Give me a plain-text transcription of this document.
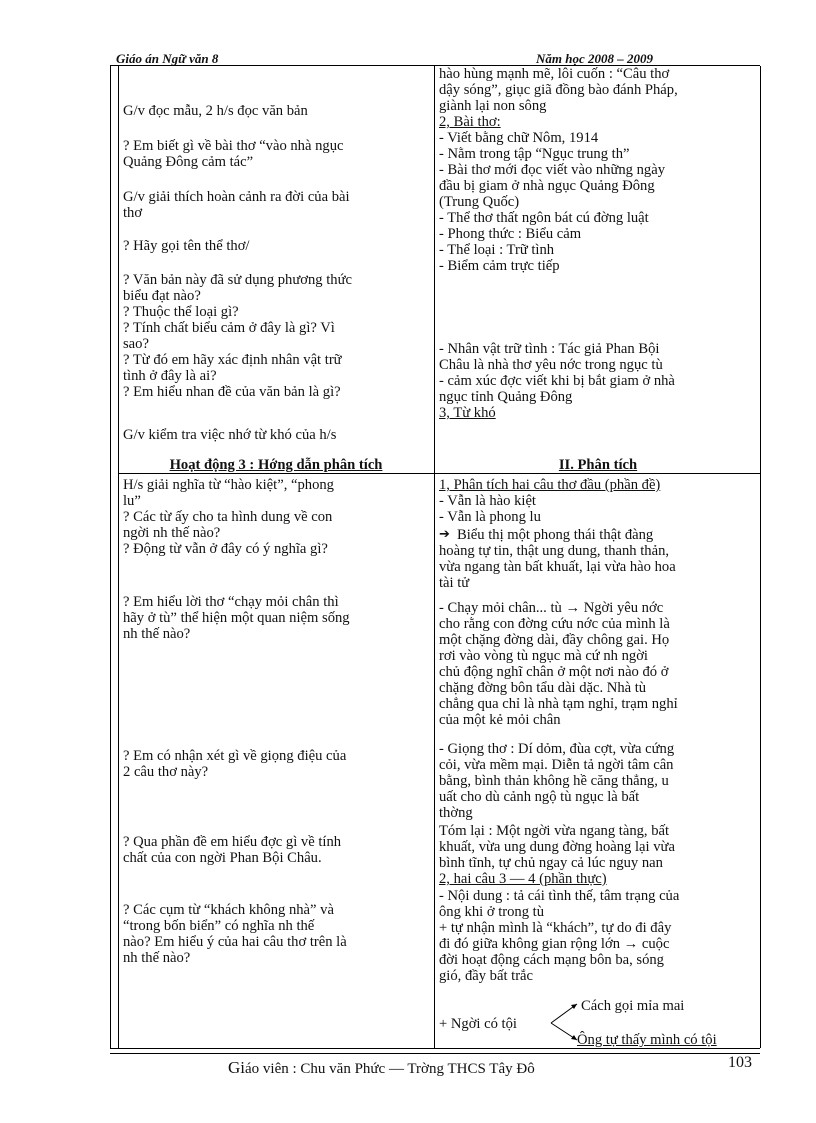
Giáo án Ngữ văn 8	Năm học 2008 – 2009

G/v đọc mẫu, 2 h/s đọc văn bản

? Em biết gì về bài thơ “vào nhà ngục
Quảng Đông cảm tác”

G/v giải thích hoàn cảnh ra đời của bài
thơ

? Hãy gọi tên thể thơ/

? Văn bản này đã sử dụng phương thức
biểu đạt nào?
? Thuộc thể loại gì?
? Tính chất biểu cảm ở đây là gì? Vì
sao?
? Từ đó em hãy xác định nhân vật trữ
tình ở đây là ai?
? Em hiểu nhan đề của văn bản là gì?

G/v kiểm tra việc nhớ từ khó của h/s

Hoạt động 3 : Hớng dẫn phân tích

H/s giải nghĩa từ “hào kiệt”, “phong
lu”
? Các từ ấy cho ta hình dung về con
ngời nh thế nào?
? Động từ vẫn ở đây có ý nghĩa gì?

? Em hiểu lời thơ “chạy mỏi chân thì
hãy ở tù” thể hiện một quan niệm sống
nh thế nào?

? Em có nhận xét gì về giọng điệu của
2 câu thơ này?

? Qua phần đề em hiểu đợc gì về tính
chất của con ngời Phan Bội Châu.

? Các cụm từ “khách không nhà” và
“trong bốn biển” có nghĩa nh thế
nào? Em hiểu ý của hai câu thơ trên là
nh thế nào?

hào hùng mạnh mẽ, lôi cuốn : “Câu thơ
dậy sóng”, giục giã đồng bào đánh Pháp,
giành lại non sông

2, Bài thơ:

- Viết bằng chữ Nôm, 1914
- Nằm trong tập “Ngục trung th”
- Bài thơ mới đọc viết vào những ngày
đầu bị giam ở nhà ngục Quảng Đông
(Trung Quốc)
- Thể thơ thất ngôn bát cú đờng luật
- Phong thức : Biểu cảm
- Thể loại : Trữ tình
- Biểm cảm trực tiếp

- Nhân vật trữ tình : Tác giả Phan Bội
Châu là nhà thơ yêu nớc trong ngục tù
- cảm xúc đợc viết khi bị bắt giam ở nhà
ngục tỉnh Quảng Đông

3, Từ khó

II. Phân tích

1, Phân tích hai câu thơ đầu (phần đề)

- Vẫn là hào kiệt
- Vẫn là phong lu

➔ Biểu thị một phong thái thật đàng
hoàng tự tin, thật ung dung, thanh thản,
vừa ngang tàn bất khuất, lại vừa hào hoa
tài tử

- Chạy mỏi chân... tù → Ngời yêu nớc
cho rằng con đờng cứu nớc của mình là
một chặng đờng dài, đầy chông gai. Họ
rơi vào vòng tù ngục mà cứ nh ngời
chủ động nghĩ chân ở một nơi nào đó ở
chặng đờng bôn tẩu dài dặc. Nhà tù
chẳng qua chỉ là nhà tạm nghỉ, trạm nghỉ
của một kẻ mỏi chân

- Giọng thơ : Dí dỏm, đùa cợt, vừa cứng
cỏi, vừa mềm mại. Diễn tả ngời tâm cân
bằng, bình thản không hề căng thẳng, u
uất cho dù cảnh ngộ tù ngục là bất
thờng

Tóm lại : Một ngời vừa ngang tàng, bất
khuất, vừa ung dung đờng hoàng lại vừa
bình tĩnh, tự chủ ngay cả lúc nguy nan

2, hai câu 3 — 4 (phần thực)

- Nội dung : tả cái tình thế, tâm trạng của
ông khi ở trong tù
+ tự nhận mình là “khách”, tự do đi đây
đi đó giữa không gian rộng lớn → cuộc
đời hoạt động cách mạng bôn ba, sóng
gió, đầy bất trắc

+ Ngời có tội

Cách gọi mỉa mai

Ông tự thấy mình có tội

Giáo viên : Chu văn Phức — Trờng THCS Tây Đô	103
